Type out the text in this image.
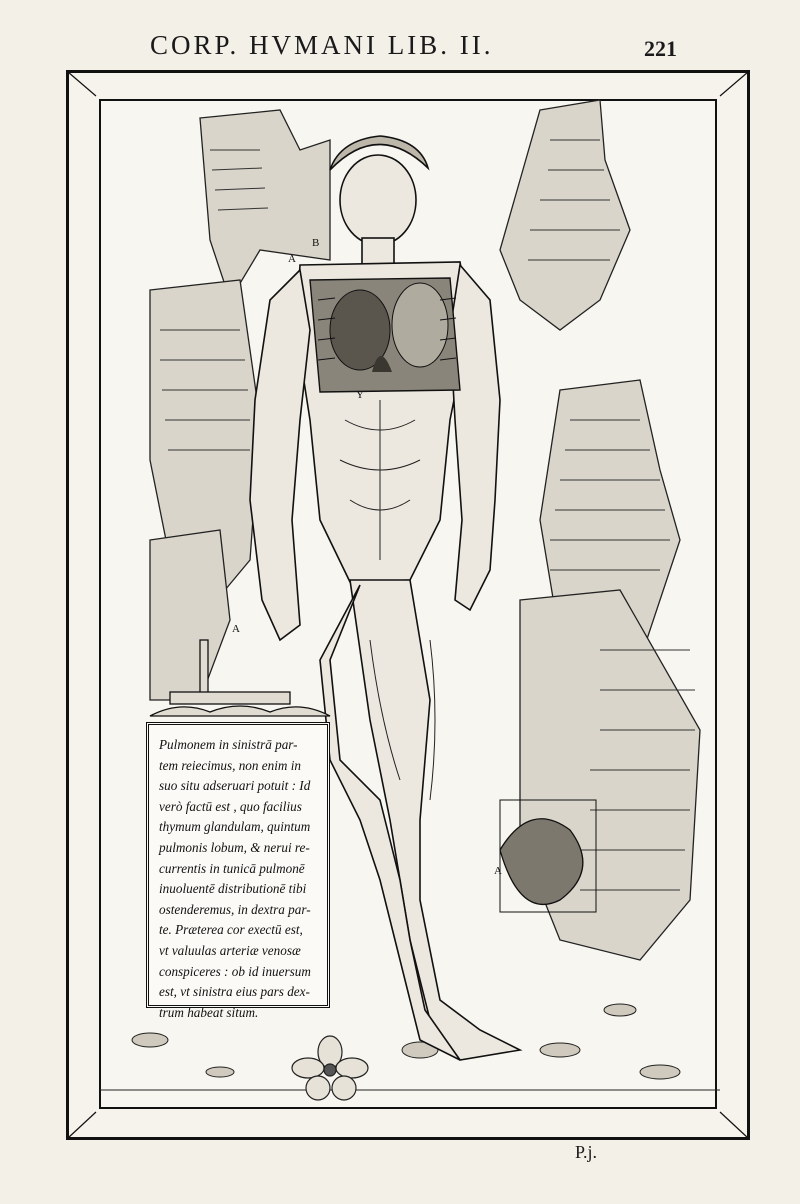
CORP. HVMANI LIB. II.	221
A
B
A
Y
A
Pulmonem in sinistrā par-
tem reiecimus, non enim in
suo situ adseruari potuit : Id
verò factū est , quo facilius
thymum glandulam, quintum
pulmonis lobum, & nerui re-
currentis in tunicā pulmonē
inuoluentē distributionē tibi
ostenderemus, in dextra par-
te. Præterea cor exectū est,
vt valuulas arteriæ venosæ
conspiceres : ob id inuersum
est, vt sinistra eius pars dex-
trum habeat situm.
P.j.
